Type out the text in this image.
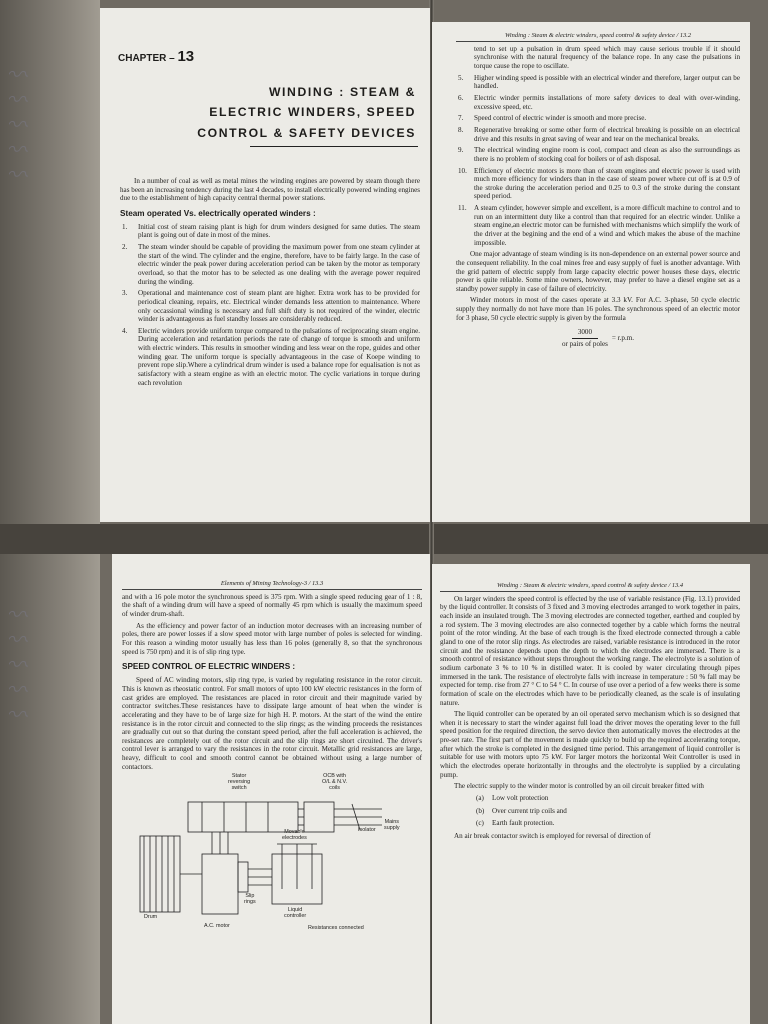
〰〰〰〰〰
〰〰〰〰〰
CHAPTER – 13
WINDING : STEAM &
ELECTRIC WINDERS, SPEED
CONTROL & SAFETY DEVICES

In a number of coal as well as metal mines the winding engines are powered by steam though there has been an increasing tendency during the last 4 decades, to install electrically powered winding engines due to the establishment of high capacity central thermal power stations.

Steam operated Vs. electrically operated winders :
1. Initial cost of steam raising plant is high for drum winders designed for same duties. The steam plant is going out of date in most of the mines.
2. The steam winder should be capable of providing the maximum power from one steam cylinder at the start of the wind. The cylinder and the engine, therefore, have to be fairly large. In the case of electric winder the peak power during acceleration period can be taken by the motor as temporary overload, so that the motor has to be selected as one dealing with the average power required during the winding.
3. Operational and maintenance cost of steam plant are higher. Extra work has to be provided for periodical cleaning, repairs, etc. Electrical winder demands less attention to maintenance. Where only occassional winding is necessary and full shift duty is not required of the winder, electric winder is advantageous as fuel standby losses are considerably reduced.
4. Electric winders provide uniform torque compared to the pulsations of reciprocating steam engine. During acceleration and retardation periods the rate of change of torque is smooth and uniform with electric winders. This results in smoother winding and less wear on the rope, guides and other winding gear. The uniform torque is specially advantageous in the case of Koepe winding to prevent rope slip.Where a cylindrical drum winder is used a balance rope for equalisation is not as satisfactory with a steam engine as with an electric motor. The cyclic variations in torque during each revolution
Winding : Steam & electric winders, speed control & safety device / 13.2

tend to set up a pulsation in drum speed which may cause serious trouble if it should synchronise with the natural frequency of the balance rope. In any case the pulsations in torque cause the rope to oscillate.

5. Higher winding speed is possible with an electrical winder and therefore, larger output can be handled.
6. Electric winder permits installations of more safety devices to deal with over-winding, excessive speed, etc.
7. Speed control of electric winder is smooth and more precise.
8. Regenerative breaking or some other form of electrical breaking is possible on an electrical drive and this results in great saving of wear and tear on the mechanical breaks.
9. The electrical winding engine room is cool, compact and clean as also the surroundings as there is no problem of stocking coal for boilers or of ash disposal.
10. Efficiency of electric motors is more than of steam engines and electric power is used with much more efficiency for winders than in the case of steam power where cut off is at 0.9 of the stroke during the acceleration period and 0.25 to 0.3 of the stroke during the constant speed period.
11. A steam cylinder, however simple and excellent, is a more difficult machine to control and to run on an intermittent duty like a control than that required for an electric winder. Unlike a steam engine,an electric motor can be furnished with mechanisms which simplify the work of the driver at the begining and the end of a wind and which makes the abuse of the machine impossible.

One major advantage of steam winding is its non-dependence on an external power source and the consequent reliability. In the coal mines free and easy supply of fuel is another advantage. With the grid pattern of electric supply from large capacity electric power houses these days, electric power is quite reliable. Some mine owners, however, may prefer to have a diesel engine set as a standby power supply in case of failure of electricity.

Winder motors in most of the cases operate at 3.3 kV. For A.C. 3-phase, 50 cycle electric supply they normally do not have more than 16 poles. The synchronous speed of an electric motor for 3 phase, 50 cycle electric supply is given by the formula

$\frac{3000}{\text{or pairs of poles}} = r.p.m$.
Elements of Mining Technology-3 / 13.3

and with a 16 pole motor the synchronous speed is 375 rpm. With a single speed reducing gear of 1 : 8, the shaft of a winding drum will have a speed of normally 45 rpm which is usually the maximum speed of winder drum-shaft.

As the efficiency and power factor of an induction motor decreases with an increasing number of poles, there are power losses if a slow speed motor with large number of poles is selected for winding. For this reason a winding motor usually has less than 16 poles (generally 8, so that the synchronous speed is 750 rpm) and it is of slip ring type.

SPEED CONTROL OF ELECTRIC WINDERS :

Speed of AC winding motors, slip ring type, is varied by regulating resistance in the rotor circuit. This is known as rheostatic control. For small motors of upto 100 kW electric resistances in the form of cast grides are employed. The resistances are placed in rotor circuit and their magnitude varied by contractor switches.These resistances have to dissipate large amount of heat when the winder is accelerating and they have to be of large size for high H. P. motors. At the start of the wind the entire resistance is in the rotor circuit and connected to the slip rings; as the winding proceeds the resistances are gradually cut out so that during the constant speed period, after the full acceleration is achieved, the resistances are completely out of the rotor circuit and the slip rings are short circuited. The driver's control lever is arranged to vary the resistances in the rotor circuit. Metallic grid resistances are large, heavy, difficult to cool and smooth control cannot be obtained without using a large number of contactors.

Stator
reversing
switch
OCB with
O/L & N.V.
coils
Isolator
Mains
supply
Movable
electrodes
Slip
rings
Liquid
controller
Drum
A.C. motor	Resistances connected
Winding : Steam & electric winders, speed control & safety device / 13.4

On larger winders the speed control is effected by the use of variable resistance (Fig. 13.1) provided by the liquid controller. It consists of 3 fixed and 3 moving electrodes arranged to work together in pairs, each inside an insulated trough. The 3 moving electrodes are connected together, earthed and coupled by a rod system. The 3 moving electrodes are also connected together by a cable which forms the neutral point of the rotor winding. At the base of each trough is the fixed electrode connected through a cable gland to one of the rotor slip rings. As electrodes are raised, variable resistance is introduced in the rotor circuit and the resistance depends upon the depth to which the electrodes are immersed. There is a smooth control of resistance without steps throughout the working range. The electrolyte is a solution of sodium carbonate 3 % to 10 % in distilled water. It is cooled by water circulating through pipes immersed in the tank. The resistance of electrolyte falls with increase in temperature : 50 % fall may be expected for temp. rise from 27 ° C to 54 ° C. In course of use over a period of a few weeks there is some formation of scale on the electrodes which have to be periodically cleaned, as the scale is of insulating nature.

The liquid controller can be operated by an oil operated servo mechanism which is so designed that when it is necessary to start the winder against full load the driver moves the operating lever to the full speed position for the required direction, the servo device then automatically moves the electrodes at the pre-set rate. The first part of the movement is made quickly to build up the required accelerating torque, after which the stroke is completed in the designed time period. This arrangement of liquid controller is suitable for use with motors upto 75 kW. For larger motors the horizontal Weit Controller is used in which the electrodes operate horizontally in throughs and the electrolyte is supplied by a circulating pump.

The electric supply to the winder motor is controlled by an oil circuit breaker fitted with

(a) Low volt protection
(b) Over current trip coils and
(c) Earth fault protection.

An air break contactor switch is employed for reversal of direction of
